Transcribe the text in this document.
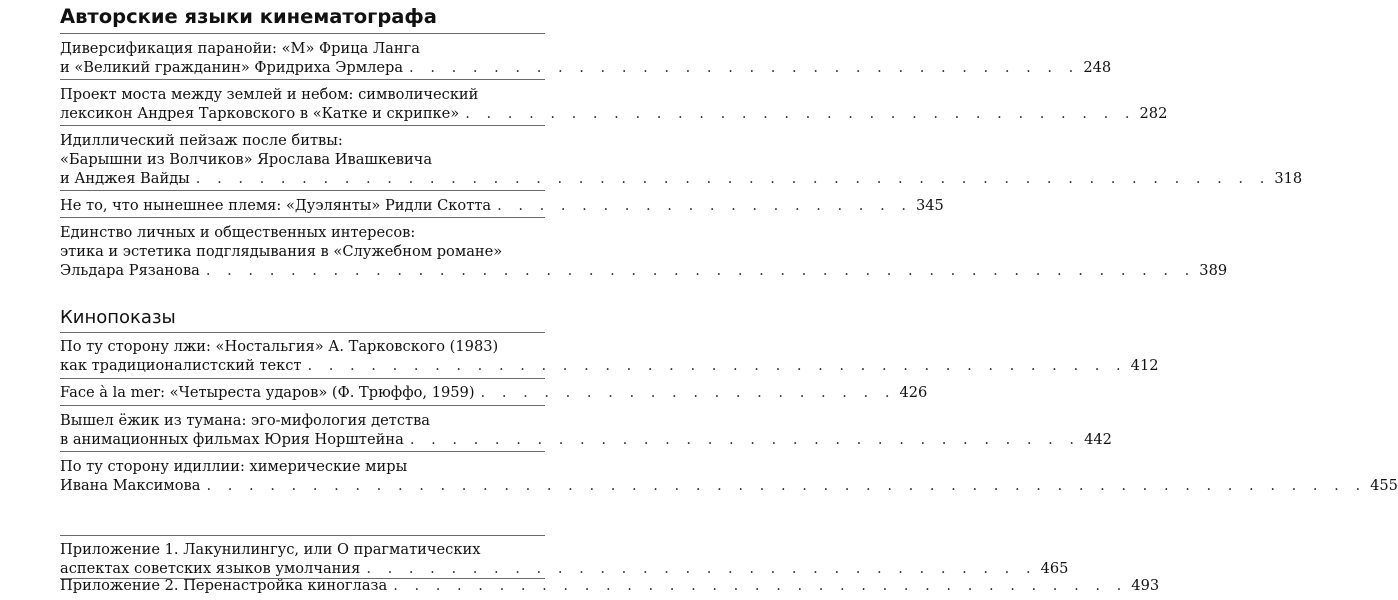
Авторские языки кинематографа
Диверсификация паранойи: «М» Фрица Ланга
и «Великий гражданин» Фридриха Эрмлера . . . . . . . . . . . . . . . . . . . . . . . . . . . . . . . . 248
Проект моста между землей и небом: символический
лексикон Андрея Тарковского в «Катке и скрипке» . . . . . . . . . . . . . . . . . . . . . . . . . . . . . . . . 282
Идиллический пейзаж после битвы:
«Барышни из Волчиков» Ярослава Ивашкевича
и Анджея Вайды . . . . . . . . . . . . . . . . . . . . . . . . . . . . . . . . . . . . . . . . . . . . . . . . . . . 318
Не то, что нынешнее племя: «Дуэлянты» Ридли Скотта . . . . . . . . . . . . . . . . . . . . 345
Единство личных и общественных интересов:
этика и эстетика подглядывания в «Служебном романе»
Эльдара Рязанова . . . . . . . . . . . . . . . . . . . . . . . . . . . . . . . . . . . . . . . . . . . . . . . 389
Кинопоказы
По ту сторону лжи: «Ностальгия» А. Тарковского (1983)
как традиционалистский текст . . . . . . . . . . . . . . . . . . . . . . . . . . . . . . . . . . . . . . . 412
Face à la mer: «Четыреста ударов» (Ф. Трюффо, 1959) . . . . . . . . . . . . . . . . . . . . 426
Вышел ёжик из тумана: эго-мифология детства
в анимационных фильмах Юрия Норштейна . . . . . . . . . . . . . . . . . . . . . . . . . . . . . . . . 442
По ту сторону идиллии: химерические миры
Ивана Максимова . . . . . . . . . . . . . . . . . . . . . . . . . . . . . . . . . . . . . . . . . . . . . . . . . . . . . . . 455
Приложение 1. Лакунилингус, или О прагматических
аспектах советских языков умолчания . . . . . . . . . . . . . . . . . . . . . . . . . . . . . . . . 465
Приложение 2. Перенастройка киноглаза . . . . . . . . . . . . . . . . . . . . . . . . . . . . . . . . . . . 493
